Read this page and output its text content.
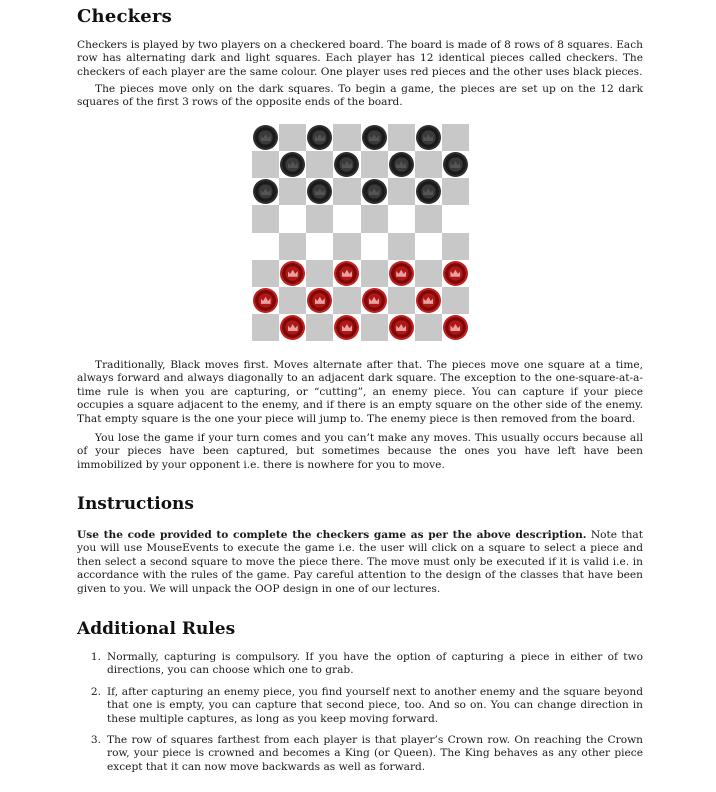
Checkers

Checkers is played by two players on a checkered board. The board is made of 8 rows of 8 squares. Each row has alternating dark and light squares. Each player has 12 identical pieces called checkers. The checkers of each player are the same colour. One player uses red pieces and the other uses black pieces.

The pieces move only on the dark squares. To begin a game, the pieces are set up on the 12 dark squares of the first 3 rows of the opposite ends of the board.

Traditionally, Black moves first. Moves alternate after that. The pieces move one square at a time, always forward and always diagonally to an adjacent dark square. The exception to the one-square-at-a-time rule is when you are capturing, or “cutting”, an enemy piece. You can capture if your piece occupies a square adjacent to the enemy, and if there is an empty square on the other side of the enemy. That empty square is the one your piece will jump to. The enemy piece is then removed from the board.

You lose the game if your turn comes and you can’t make any moves. This usually occurs because all of your pieces have been captured, but sometimes because the ones you have left have been immobilized by your opponent i.e. there is nowhere for you to move.

Instructions

Use the code provided to complete the checkers game as per the above description. Note that you will use MouseEvents to execute the game i.e. the user will click on a square to select a piece and then select a second square to move the piece there. The move must only be executed if it is valid i.e. in accordance with the rules of the game. Pay careful attention to the design of the classes that have been given to you. We will unpack the OOP design in one of our lectures.

Additional Rules
1. Normally, capturing is compulsory. If you have the option of capturing a piece in either of two directions, you can choose which one to grab.
2. If, after capturing an enemy piece, you find yourself next to another enemy and the square beyond that one is empty, you can capture that second piece, too. And so on. You can change direction in these multiple captures, as long as you keep moving forward.
3. The row of squares farthest from each player is that player’s Crown row. On reaching the Crown row, your piece is crowned and becomes a King (or Queen). The King behaves as any other piece except that it can now move backwards as well as forward.
